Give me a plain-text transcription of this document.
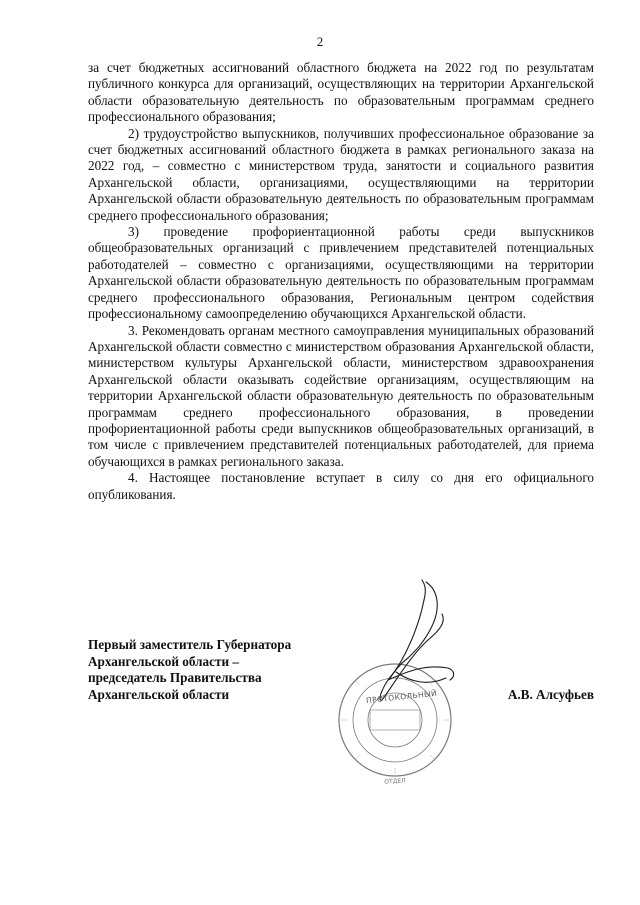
2

за счет бюджетных ассигнований областного бюджета на 2022 год по результатам публичного конкурса для организаций, осуществляющих на территории Архангельской области образовательную деятельность по образовательным программам среднего профессионального образования;

2) трудоустройство выпускников, получивших профессиональное образование за счет бюджетных ассигнований областного бюджета в рамках регионального заказа на 2022 год, – совместно с министерством труда, занятости и социального развития Архангельской области, организациями, осуществляющими на территории Архангельской области образовательную деятельность по образовательным программам среднего профессионального образования;

3) проведение профориентационной работы среди выпускников общеобразовательных организаций с привлечением представителей потенциальных работодателей – совместно с организациями, осуществляющими на территории Архангельской области образовательную деятельность по образовательным программам среднего профессионального образования, Региональным центром содействия профессиональному самоопределению обучающихся Архангельской области.

3. Рекомендовать органам местного самоуправления муниципальных образований Архангельской области совместно с министерством образования Архангельской области, министерством культуры Архангельской области, министерством здравоохранения Архангельской области оказывать содействие организациям, осуществляющим на территории Архангельской области образовательную деятельность по образовательным программам среднего профессионального образования, в проведении профориентационной работы среди выпускников общеобразовательных организаций, в том числе с привлечением представителей потенциальных работодателей, для приема обучающихся в рамках регионального заказа.

4. Настоящее постановление вступает в силу со дня его официального опубликования.

ПРОТОКОЛЬНЫЙ
ОТДЕЛ
Первый заместитель Губернатора
Архангельской области –
председатель Правительства
Архангельской области	А.В. Алсуфьев
